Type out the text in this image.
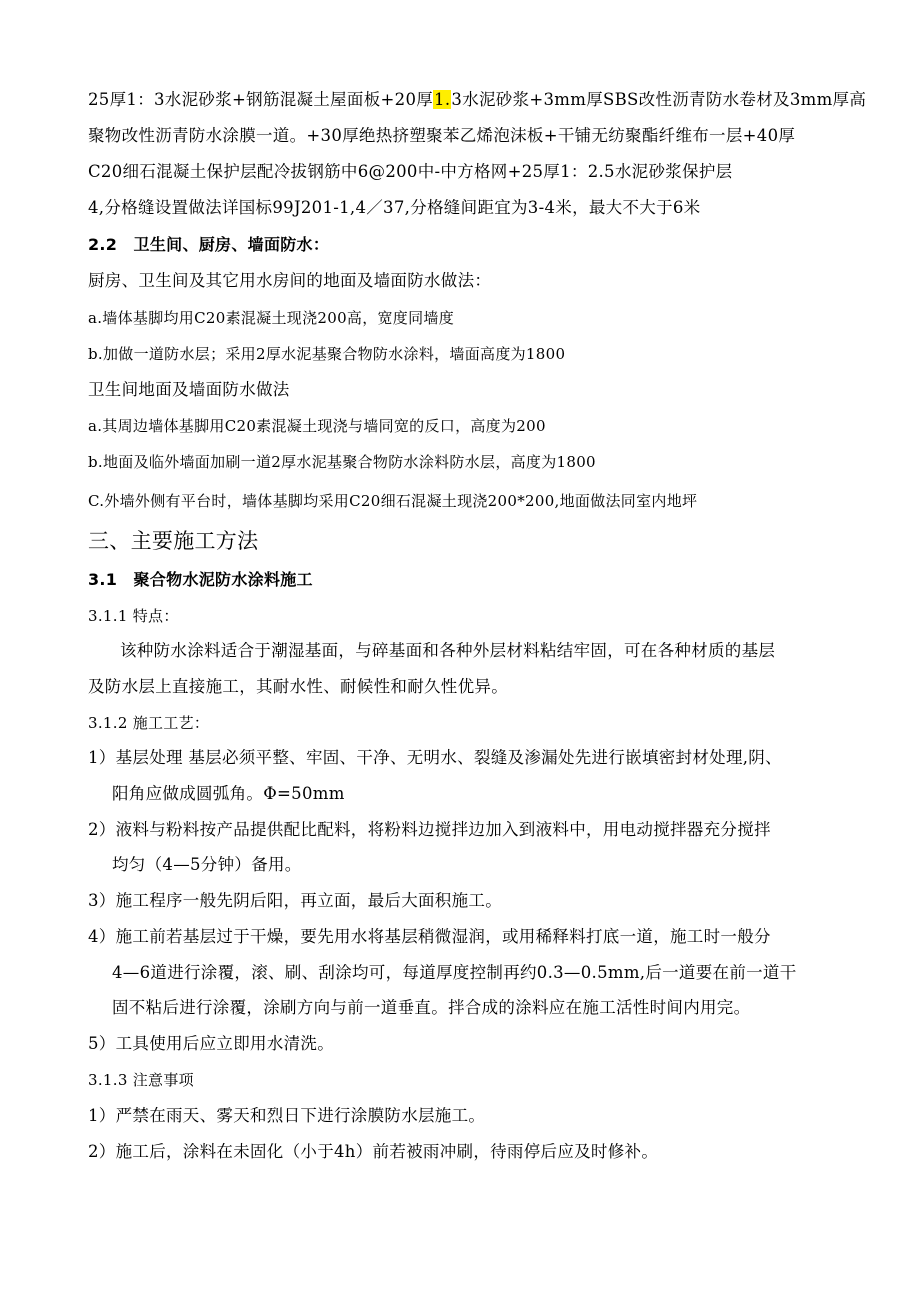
25厚1：3水泥砂浆+钢筋混凝土屋面板+20厚1.3水泥砂浆+3mm厚SBS改性沥青防水卷材及3mm厚高
聚物改性沥青防水涂膜一道。+30厚绝热挤塑聚苯乙烯泡沫板+干铺无纺聚酯纤维布一层+40厚
C20细石混凝土保护层配冷拔钢筋中6@200中-中方格网+25厚1：2.5水泥砂浆保护层
4,分格缝设置做法详国标99J201-1,4／37,分格缝间距宜为3-4米，最大不大于6米
2.2　卫生间、厨房、墙面防水：
厨房、卫生间及其它用水房间的地面及墙面防水做法：
a.墙体基脚均用C20素混凝土现浇200高，宽度同墙度
b.加做一道防水层；采用2厚水泥基聚合物防水涂料，墙面高度为1800
卫生间地面及墙面防水做法
a.其周边墙体基脚用C20素混凝土现浇与墙同宽的反口，高度为200
b.地面及临外墙面加刷一道2厚水泥基聚合物防水涂料防水层，高度为1800
C.外墙外侧有平台时，墙体基脚均采用C20细石混凝土现浇200*200,地面做法同室内地坪
三、主要施工方法
3.1　聚合物水泥防水涂料施工
3.1.1 特点：
该种防水涂料适合于潮湿基面，与碎基面和各种外层材料粘结牢固，可在各种材质的基层
及防水层上直接施工，其耐水性、耐候性和耐久性优异。
3.1.2 施工工艺：
1）基层处理 基层必须平整、牢固、干净、无明水、裂缝及渗漏处先进行嵌填密封材处理,阴、
阳角应做成圆弧角。Φ=50mm
2）液料与粉料按产品提供配比配料，将粉料边搅拌边加入到液料中，用电动搅拌器充分搅拌
均匀（4—5分钟）备用。
3）施工程序一般先阴后阳，再立面，最后大面积施工。
4）施工前若基层过于干燥，要先用水将基层稍微湿润，或用稀释料打底一道，施工时一般分
4—6道进行涂覆，滚、刷、刮涂均可，每道厚度控制再约0.3—0.5mm,后一道要在前一道干
固不粘后进行涂覆，涂刷方向与前一道垂直。拌合成的涂料应在施工活性时间内用完。
5）工具使用后应立即用水清洗。
3.1.3 注意事项
1）严禁在雨天、雾天和烈日下进行涂膜防水层施工。
2）施工后，涂料在未固化（小于4h）前若被雨冲刷，待雨停后应及时修补。
